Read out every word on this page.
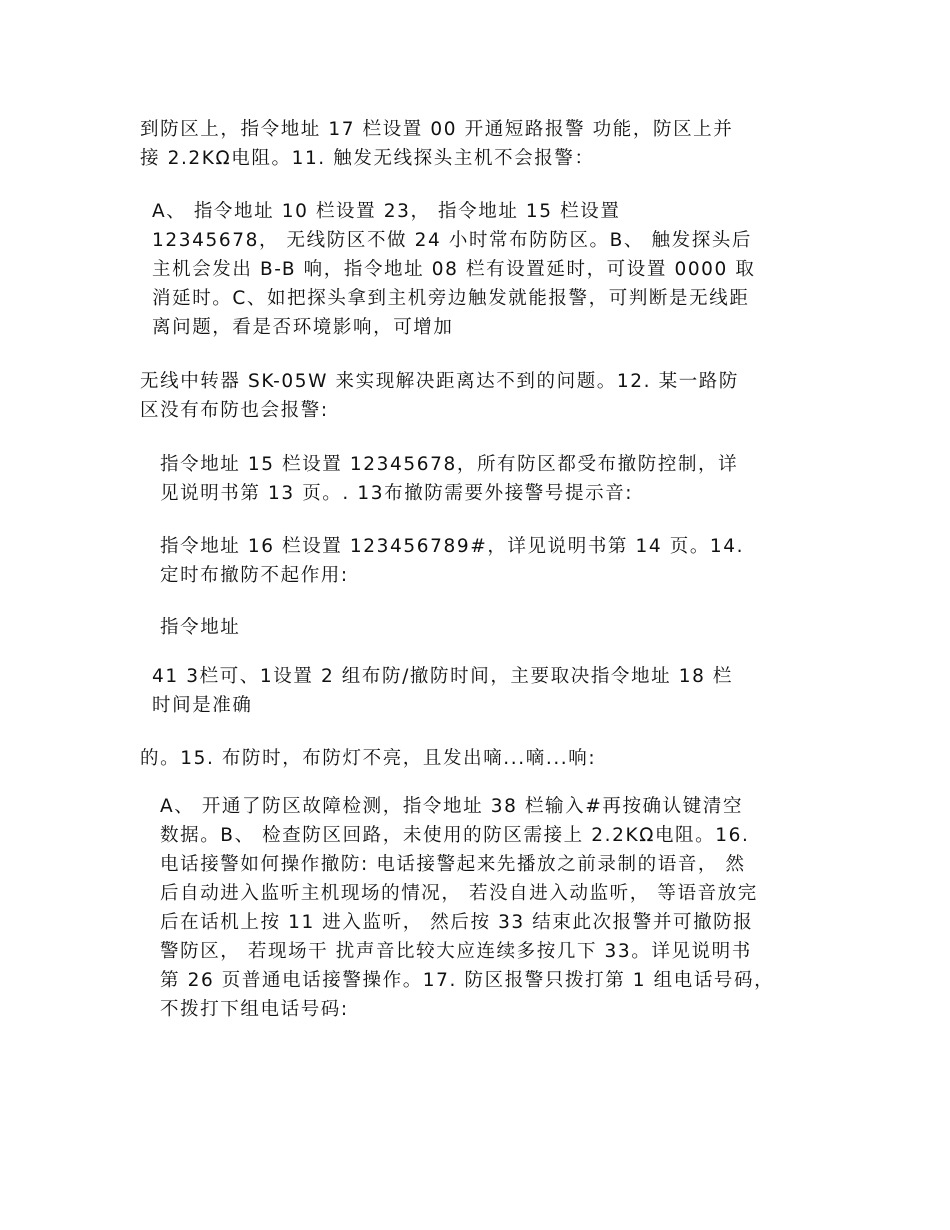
到防区上，指令地址 17 栏设置 00 开通短路报警 功能，防区上并
接 2.2KΩ电阻。11. 触发无线探头主机不会报警：

A、 指令地址 10 栏设置 23， 指令地址 15 栏设置
12345678， 无线防区不做 24 小时常布防防区。B、 触发探头后
主机会发出 B-B 响，指令地址 08 栏有设置延时，可设置 0000 取
消延时。C、如把探头拿到主机旁边触发就能报警，可判断是无线距
离问题，看是否环境影响，可增加

无线中转器 SK-05W 来实现解决距离达不到的问题。12. 某一路防
区没有布防也会报警:

指令地址 15 栏设置 12345678，所有防区都受布撤防控制，详
见说明书第 13 页。. 13布撤防需要外接警号提示音:

指令地址 16 栏设置 123456789#，详见说明书第 14 页。14.
定时布撤防不起作用:

指令地址

41 3栏可、1设置 2 组布防/撤防时间，主要取决指令地址 18 栏
时间是准确

的。15. 布防时，布防灯不亮，且发出嘀...嘀...响:

A、 开通了防区故障检测，指令地址 38 栏输入#再按确认键清空
数据。B、 检查防区回路，未使用的防区需接上 2.2KΩ电阻。16.
电话接警如何操作撤防: 电话接警起来先播放之前录制的语音， 然
后自动进入监听主机现场的情况， 若没自进入动监听， 等语音放完
后在话机上按 11 进入监听， 然后按 33 结束此次报警并可撤防报
警防区， 若现场干 扰声音比较大应连续多按几下 33。详见说明书
第 26 页普通电话接警操作。17. 防区报警只拨打第 1 组电话号码，
不拨打下组电话号码:
